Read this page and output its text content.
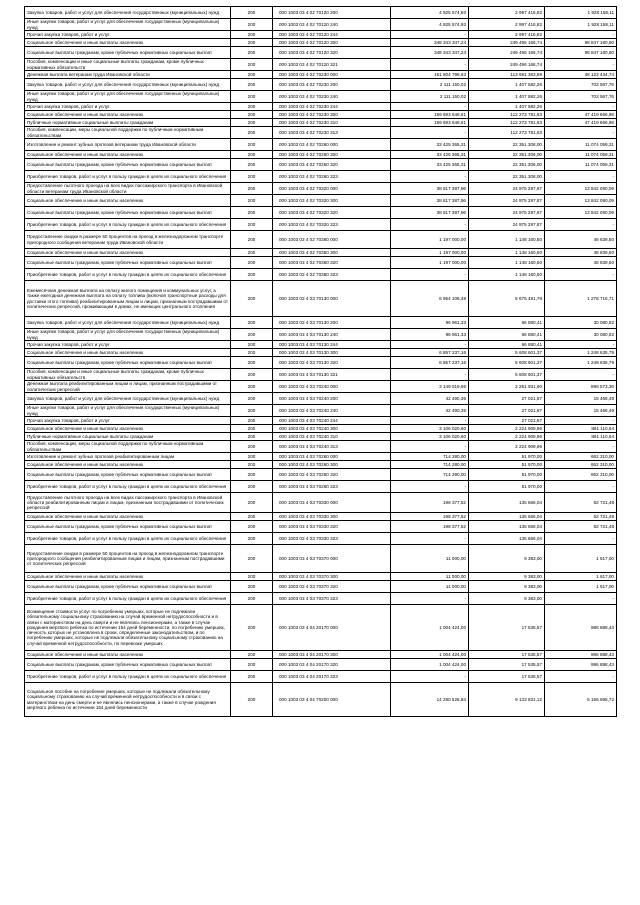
Закупка товаров, работ и услуг для обеспечения государственных (муниципальных) нужд	200	000 1003 03 4 02 70120 200	4 925 574,93	2 997 416,82	1 928 158,11
Иные закупки товаров, работ и услуг для обеспечения государственных (муниципальных) нужд	200	000 1003 03 4 02 70120 240	4 925 574,93	2 997 416,82	1 928 158,11
Прочая закупка товаров, работ и услуг	200	000 1003 03 4 02 70120 244	-	2 997 416,82	-
Социальное обеспечение и иные выплаты населению	200	000 1003 03 4 02 70120 300	348 343 347,24	249 496 166,74	98 847 180,50
Социальные выплаты гражданам, кроме публичных нормативных социальных выплат	200	000 1003 03 4 02 70120 320	348 343 347,24	249 496 166,74	98 847 180,50
Пособия, компенсации и иные социальные выплаты гражданам, кроме публичных нормативных обязательств	200	000 1003 03 4 02 70120 321	-	249 496 166,74	-
Денежная выплата ветеранам труда Ивановской области	200	000 1003 03 4 02 70230 000	161 804 798,63	113 681 363,89	48 123 434,74
Закупка товаров, работ и услуг для обеспечения государственных (муниципальных) нужд	200	000 1003 03 4 02 70230 200	2 111 150,02	1 407 582,26	703 567,76
Иные закупки товаров, работ и услуг для обеспечения государственных (муниципальных) нужд	200	000 1003 03 4 02 70230 240	2 111 150,02	1 407 582,26	703 567,76
Прочая закупка товаров, работ и услуг	200	000 1003 03 4 02 70230 244	-	1 407 582,26	-
Социальное обеспечение и иные выплаты населению	200	000 1003 03 4 02 70230 300	159 693 648,61	112 273 781,63	47 419 866,98
Публичные нормативные социальные выплаты гражданам	200	000 1003 03 4 02 70230 310	159 693 648,61	112 273 781,63	47 419 866,98
Пособия, компенсации, меры социальной поддержки по публичным нормативным обязательствам	200	000 1003 03 4 02 70230 313	-	112 273 781,63	-
Изготовление и ремонт зубных протезов ветеранам труда Ивановской области	200	000 1003 03 4 02 70260 000	33 425 365,31	22 351 306,00	11 074 059,31
Социальное обеспечение и иные выплаты населению	200	000 1003 03 4 02 70260 300	33 425 365,31	22 351 306,00	11 074 059,31
Социальные выплаты гражданам, кроме публичных нормативных социальных выплат	200	000 1003 03 4 02 70260 320	33 425 365,31	22 351 306,00	11 074 059,31
Приобретение товаров, работ и услуг в пользу граждан в целях их социального обеспечения	200	000 1003 03 4 02 70260 323	-	22 351 306,00	-
Предоставление льготного проезда на всех видах пассажирского транспорта в Ивановской области ветеранам труда Ивановской области	200	000 1003 03 4 02 70320 000	38 817 387,96	24 975 297,87	13 842 090,09
Социальное обеспечение и иные выплаты населению	200	000 1003 03 4 02 70320 300	38 817 387,96	24 975 297,87	13 842 090,09
Социальные выплаты гражданам, кроме публичных нормативных социальных выплат	200	000 1003 03 4 02 70320 320	38 817 387,96	24 975 297,87	13 842 090,09
Приобретение товаров, работ и услуг в пользу граждан в целях их социального обеспечения	200	000 1003 03 4 02 70320 323	-	24 975 297,87	-
Предоставление скидки в размере 50 процентов на проезд в железнодорожном транспорте пригородного сообщения ветеранам труда Ивановской области	200	000 1003 03 4 02 70360 000	1 197 000,00	1 148 160,50	48 839,50
Социальное обеспечение и иные выплаты населению	200	000 1003 03 4 02 70360 300	1 197 000,00	1 148 160,50	48 839,50
Социальные выплаты гражданам, кроме публичных нормативных социальных выплат	200	000 1003 03 4 02 70360 320	1 197 000,00	1 148 160,50	48 839,50
Приобретение товаров, работ и услуг в пользу граждан в целях их социального обеспечения	200	000 1003 03 4 02 70360 323	-	1 148 160,50	-
Ежемесячная денежная выплата на оплату жилого помещения и коммунальных услуг, а также ежегодная денежная выплата на оплату топлива (включая транспортные расходы для доставки этого топлива) реабилитированным лицам и лицам, признанным пострадавшими от политических репрессий, проживающим в домах, не имеющих центрального отопления	200	000 1003 03 4 03 70130 000	6 954 108,49	5 675 481,78	1 278 716,71
Закупка товаров, работ и услуг для обеспечения государственных (муниципальных) нужд	200	000 1003 03 4 03 70130 200	96 961,33	66 880,41	30 080,92
Иные закупки товаров, работ и услуг для обеспечения государственных (муниципальных) нужд	200	000 1003 03 4 03 70130 240	96 961,33	66 880,41	30 080,92
Прочая закупка товаров, работ и услуг	200	000 1003 03 4 03 70130 244	-	66 880,41	-
Социальное обеспечение и иные выплаты населению	200	000 1003 03 4 03 70130 300	6 857 237,16	5 608 601,37	1 248 635,79
Социальные выплаты гражданам, кроме публичных нормативных социальных выплат	200	000 1003 03 4 03 70130 320	6 857 237,16	5 608 601,37	1 248 635,79
Пособия, компенсации и иные социальные выплаты гражданам, кроме публичных нормативных обязательств	200	000 1003 03 4 03 70130 321	-	5 608 601,37	-
Денежная выплата реабилитированным лицам и лицам, признанным пострадавшими от политических репрессий	200	000 1003 03 4 03 70240 000	3 149 519,96	2 251 931,60	898 573,36
Закупка товаров, работ и услуг для обеспечения государственных (муниципальных) нужд	200	000 1003 03 4 03 70240 200	42 490,36	27 021,87	15 468,49
Иные закупки товаров, работ и услуг для обеспечения государственных (муниципальных) нужд	200	000 1003 03 4 03 70240 240	42 490,36	27 021,87	15 468,49
Прочая закупка товаров, работ и услуг	200	000 1003 03 4 03 70240 244	-	27 021,87	-
Социальное обеспечение и иные выплаты населению	200	000 1003 03 4 03 70240 300	3 106 020,60	2 224 909,96	881 110,64
Публичные нормативные социальные выплаты гражданам	200	000 1003 03 4 03 70240 310	3 106 020,60	2 224 909,96	881 110,64
Пособия, компенсации, меры социальной поддержки по публичным нормативным обязательствам	200	000 1003 03 4 03 70240 313	-	2 224 909,96	-
Изготовление и ремонт зубных протезов реабилитированным лицам	200	000 1003 03 4 03 70260 000	714 280,00	51 970,00	662 310,00
Социальное обеспечение и иные выплаты населению	200	000 1003 03 4 03 70260 300	714 280,00	51 970,00	662 310,00
Социальные выплаты гражданам, кроме публичных нормативных социальных выплат	200	000 1003 03 4 03 70260 320	714 280,00	51 970,00	662 310,00
Приобретение товаров, работ и услуг в пользу граждан в целях их социального обеспечения	200	000 1003 03 4 03 70260 323	-	51 970,00	-
Предоставление льготного проезда на всех видах пассажирского транспорта в Ивановской области реабилитированным лицам и лицам, признанным пострадавшими от политических репрессий	200	000 1003 03 4 03 70330 000	198 377,52	135 656,04	62 721,48
Социальное обеспечение и иные выплаты населению	200	000 1003 03 4 03 70330 300	198 377,52	135 656,04	62 721,48
Социальные выплаты гражданам, кроме публичных нормативных социальных выплат	200	000 1003 03 4 03 70330 320	198 377,52	135 656,04	62 721,48
Приобретение товаров, работ и услуг в пользу граждан в целях их социального обеспечения	200	000 1003 03 4 03 70330 323	-	135 656,04	-
Предоставление скидки в размере 50 процентов на проезд в железнодорожном транспорте пригородного сообщения реабилитированным лицам и лицам, признанным пострадавшими от политических репрессий	200	000 1003 03 4 03 70370 000	11 000,00	9 383,00	1 617,00
Социальное обеспечение и иные выплаты населению	200	000 1003 03 4 03 70370 300	11 000,00	9 383,00	1 617,00
Социальные выплаты гражданам, кроме публичных нормативных социальных выплат	200	000 1003 03 4 03 70370 320	11 000,00	9 383,00	1 617,00
Приобретение товаров, работ и услуг в пользу граждан в целях их социального обеспечения	200	000 1003 03 4 03 70370 323	-	9 383,00	-
Возмещение стоимости услуг по погребению умерших, которые не подлежали обязательному социальному страхованию на случай временной нетрудоспособности и в связи с материнством на день смерти и не являлись пенсионерами, а также в случае рождения мертвого ребенка по истечении 154 дней беременности, по погребению умерших, личность которых не установлена в сроки, определенные законодательством, и по погребению умерших, которые не подлежали обязательному социальному страхованию на случай временной нетрудоспособности, по перевозке умерших	200	000 1003 03 4 04 20170 000	1 004 424,00	17 535,57	986 888,43
Социальное обеспечение и иные выплаты населению	200	000 1003 03 4 04 20170 300	1 004 424,00	17 535,57	986 888,43
Социальные выплаты гражданам, кроме публичных нормативных социальных выплат	200	000 1003 03 4 04 20170 320	1 004 424,00	17 535,57	986 888,43
Приобретение товаров, работ и услуг в пользу граждан в целях их социального обеспечения	200	000 1003 03 4 04 20170 323	-	17 535,57	-
Социальное пособие на погребение умерших, которые не подлежали обязательному социальному страхованию на случай временной нетрудоспособности и в связи с материнством на день смерти и не являлись пенсионерами, а также в случае рождения мертвого ребенка по истечении 154 дней беременности	200	000 1003 03 4 04 70200 000	14 290 526,84	9 133 831,12	5 156 695,72
